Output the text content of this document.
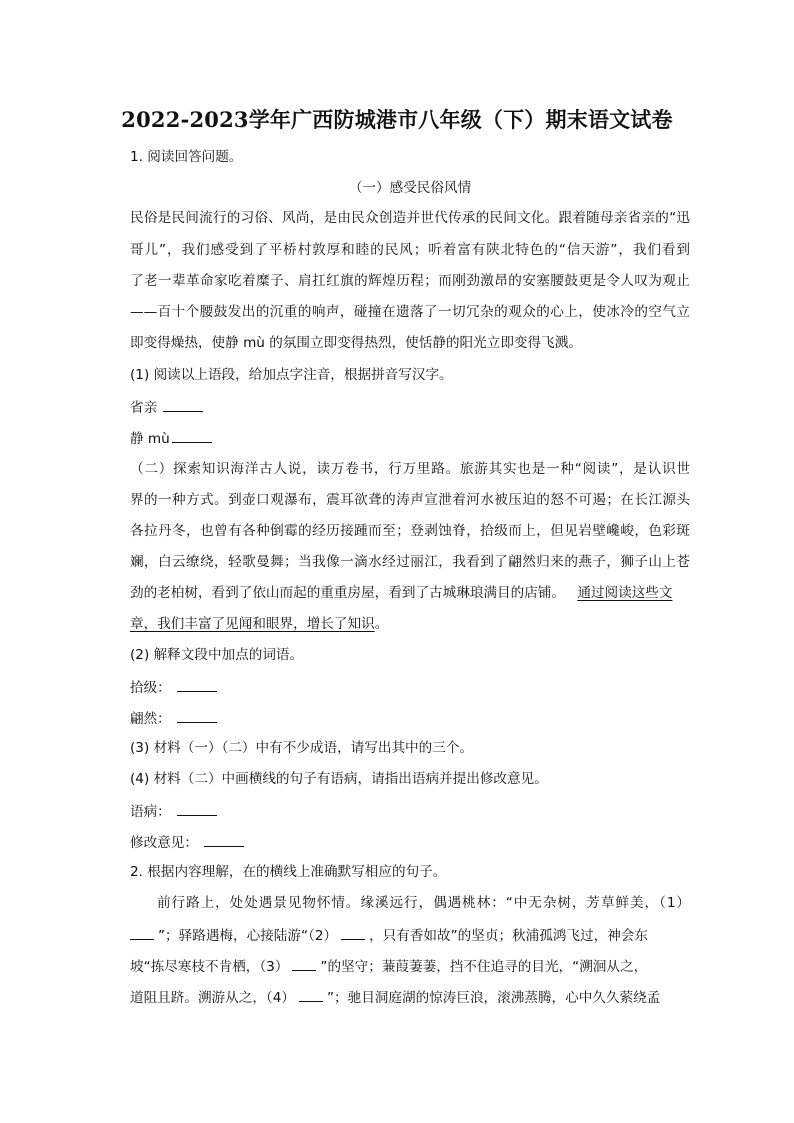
2022-2023学年广西防城港市八年级（下）期末语文试卷
1. 阅读回答问题。
（一）感受民俗风情
民俗是民间流行的习俗、风尚，是由民众创造并世代传承的民间文化。跟着随母亲省亲的“迅
哥儿”，我们感受到了平桥村敦厚和睦的民风；听着富有陕北特色的“信天游”，我们看到
了老一辈革命家吃着糜子、肩扛红旗的辉煌历程；而刚劲激昂的安塞腰鼓更是令人叹为观止
——百十个腰鼓发出的沉重的响声，碰撞在遗落了一切冗杂的观众的心上，使冰冷的空气立
即变得燥热，使静 mù 的氛围立即变得热烈，使恬静的阳光立即变得飞溅。
(1) 阅读以上语段，给加点字注音，根据拼音写汉字。
省亲
静 mù
（二）探索知识海洋古人说，读万卷书，行万里路。旅游其实也是一种“阅读”，是认识世
界的一种方式。到壶口观瀑布，震耳欲聋的涛声宣泄着河水被压迫的怒不可遏；在长江源头
各拉丹冬，也曾有各种倒霉的经历接踵而至；登剥蚀脊，拾级而上，但见岩壁巉峻，色彩斑
斓，白云缭绕，轻歌曼舞；当我像一滴水经过丽江，我看到了翩然归来的燕子，狮子山上苍
劲的老柏树，看到了依山而起的重重房屋，看到了古城琳琅满目的店铺。 通过阅读这些文
章，我们丰富了见闻和眼界，增长了知识。
(2) 解释文段中加点的词语。
拾级：
翩然：
(3) 材料（一）（二）中有不少成语，请写出其中的三个。
(4) 材料（二）中画横线的句子有语病，请指出语病并提出修改意见。
语病：
修改意见：
2. 根据内容理解，在的横线上准确默写相应的句子。
前行路上，处处遇景见物怀情。缘溪远行，偶遇桃林：“中无杂树，芳草鲜美，（1）
”；驿路遇梅，心接陆游“（2） ，只有香如故”的坚贞；秋浦孤鸿飞过，神会东
坡“拣尽寒枝不肯栖，（3） ”的坚守；蒹葭萋萋，挡不住追寻的目光，“溯洄从之，
道阻且跻。溯游从之，（4） ”；驰目洞庭湖的惊涛巨浪，滚沸蒸腾，心中久久萦绕孟
